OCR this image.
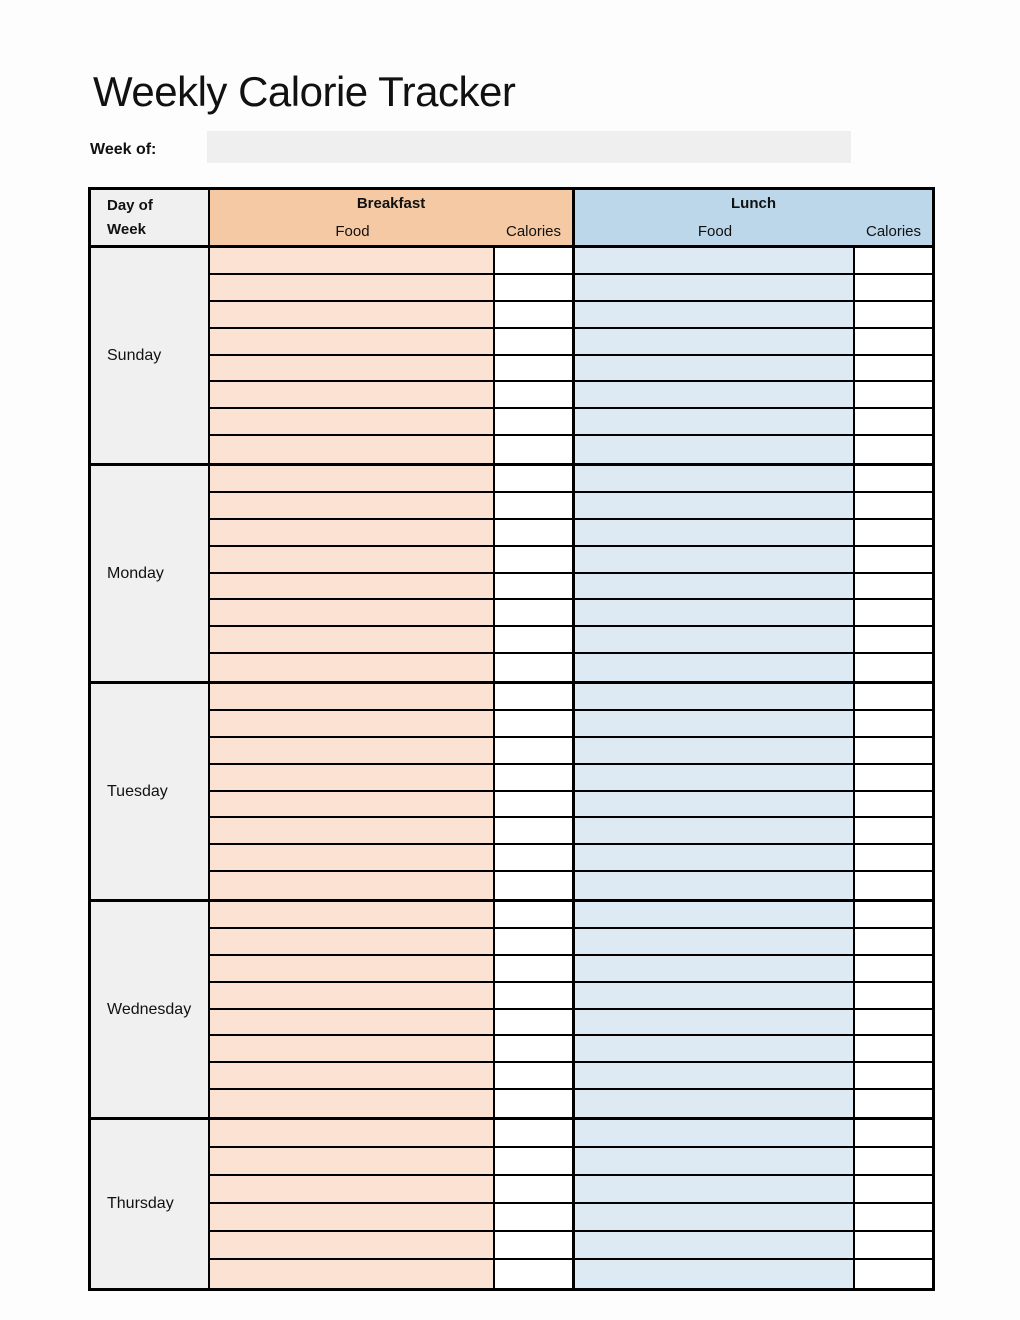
Weekly Calorie Tracker
Week of:
Day of
Week
Breakfast	Lunch
Food	Calories	Food	Calories
Sunday
Monday
Tuesday
Wednesday
Thursday
